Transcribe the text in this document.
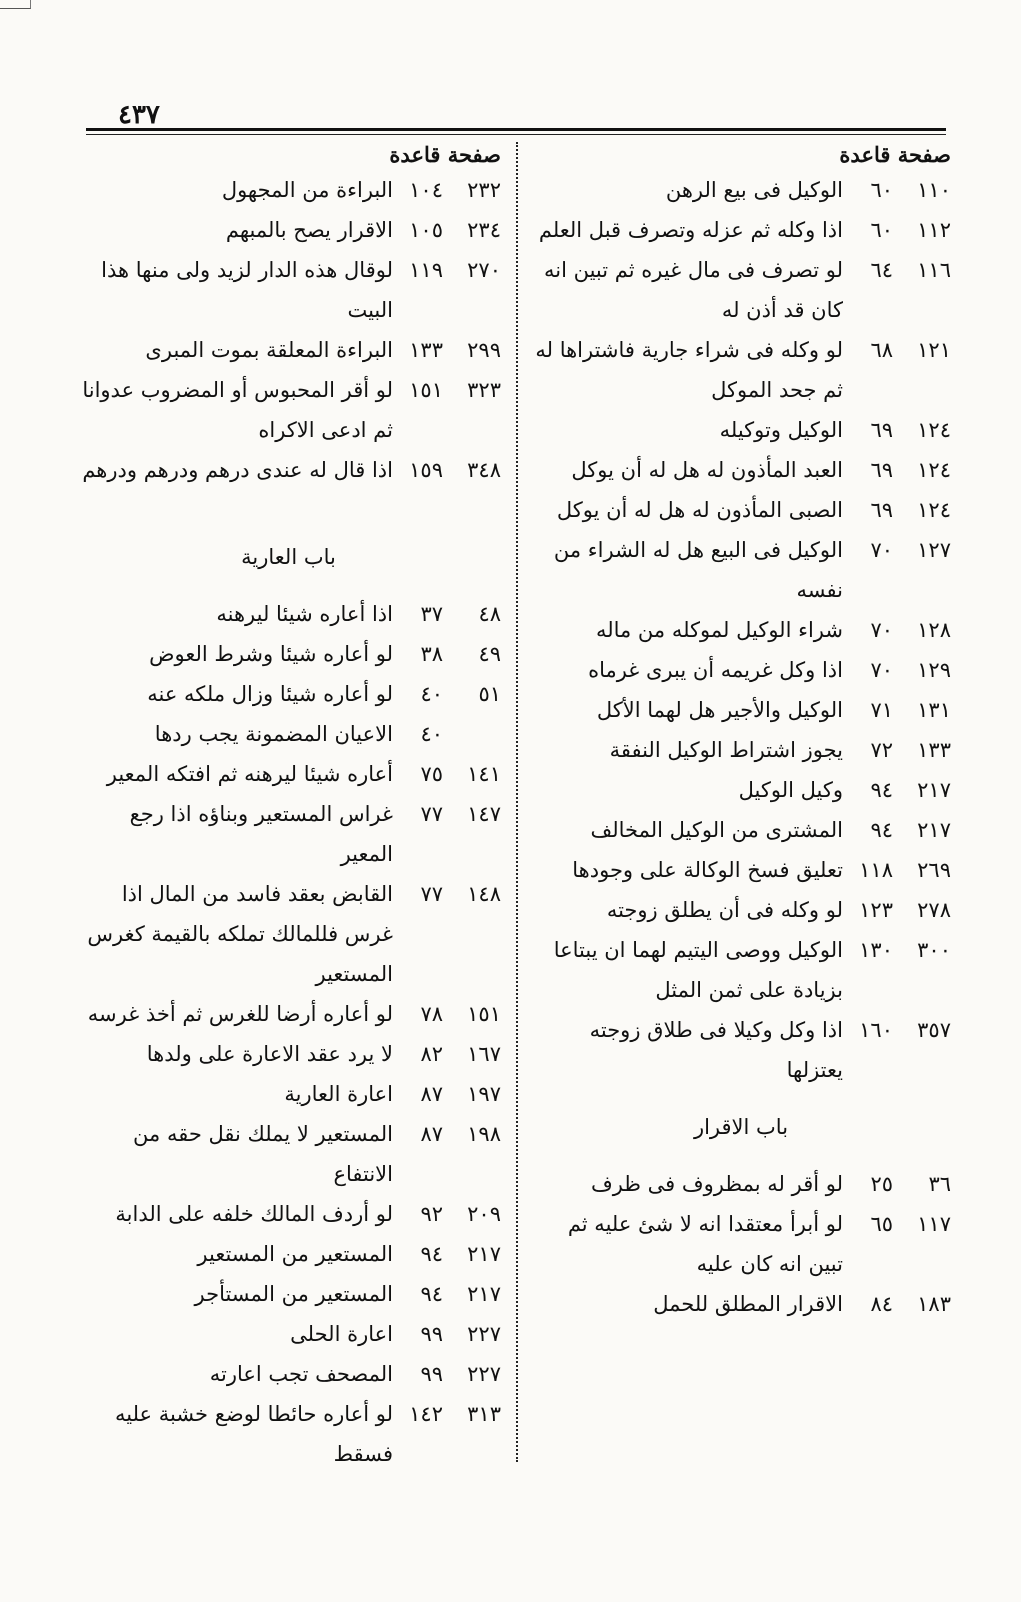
٤٣٧
صفحة قاعدة
١١٠
٦٠
الوكيل فى بيع الرهن
١١٢
٦٠
اذا وكله ثم عزله وتصرف قبل العلم
١١٦
٦٤
لو تصرف فى مال غيره ثم تبين انه كان قد أذن له
١٢١
٦٨
لو وكله فى شراء جارية فاشتراها له ثم جحد الموكل
١٢٤
٦٩
الوكيل وتوكيله
١٢٤
٦٩
العبد المأذون له هل له أن يوكل
١٢٤
٦٩
الصبى المأذون له هل له أن يوكل
١٢٧
٧٠
الوكيل فى البيع هل له الشراء من نفسه
١٢٨
٧٠
شراء الوكيل لموكله من ماله
١٢٩
٧٠
اذا وكل غريمه أن يبرى غرماه
١٣١
٧١
الوكيل والأجير هل لهما الأكل
١٣٣
٧٢
يجوز اشتراط الوكيل النفقة
٢١٧
٩٤
وكيل الوكيل
٢١٧
٩٤
المشترى من الوكيل المخالف
٢٦٩
١١٨
تعليق فسخ الوكالة على وجودها
٢٧٨
١٢٣
لو وكله فى أن يطلق زوجته
٣٠٠
١٣٠
الوكيل ووصى اليتيم لهما ان يبتاعا بزيادة على ثمن المثل
٣٥٧
١٦٠
اذا وكل وكيلا فى طلاق زوجته يعتزلها
باب الاقرار
٣٦
٢٥
لو أقر له بمظروف فى ظرف
١١٧
٦٥
لو أبرأ معتقدا انه لا شئ عليه ثم تبين انه كان عليه
١٨٣
٨٤
الاقرار المطلق للحمل
صفحة قاعدة
٢٣٢
١٠٤
البراءة من المجهول
٢٣٤
١٠٥
الاقرار يصح بالمبهم
٢٧٠
١١٩
لوقال هذه الدار لزيد ولى منها هذا البيت
٢٩٩
١٣٣
البراءة المعلقة بموت المبرى
٣٢٣
١٥١
لو أقر المحبوس أو المضروب عدوانا ثم ادعى الاكراه
٣٤٨
١٥٩
اذا قال له عندى درهم ودرهم ودرهم
باب العارية
٤٨
٣٧
اذا أعاره شيئا ليرهنه
٤٩
٣٨
لو أعاره شيئا وشرط العوض
٥١
٤٠
لو أعاره شيئا وزال ملكه عنه
٤٠
الاعيان المضمونة يجب ردها
١٤١
٧٥
أعاره شيئا ليرهنه ثم افتكه المعير
١٤٧
٧٧
غراس المستعير وبناؤه اذا رجع المعير
١٤٨
٧٧
القابض بعقد فاسد من المال اذا غرس فللمالك تملكه بالقيمة كغرس المستعير
١٥١
٧٨
لو أعاره أرضا للغرس ثم أخذ غرسه
١٦٧
٨٢
لا يرد عقد الاعارة على ولدها
١٩٧
٨٧
اعارة العارية
١٩٨
٨٧
المستعير لا يملك نقل حقه من الانتفاع
٢٠٩
٩٢
لو أردف المالك خلفه على الدابة
٢١٧
٩٤
المستعير من المستعير
٢١٧
٩٤
المستعير من المستأجر
٢٢٧
٩٩
اعارة الحلى
٢٢٧
٩٩
المصحف تجب اعارته
٣١٣
١٤٢
لو أعاره حائطا لوضع خشبة عليه فسقط
